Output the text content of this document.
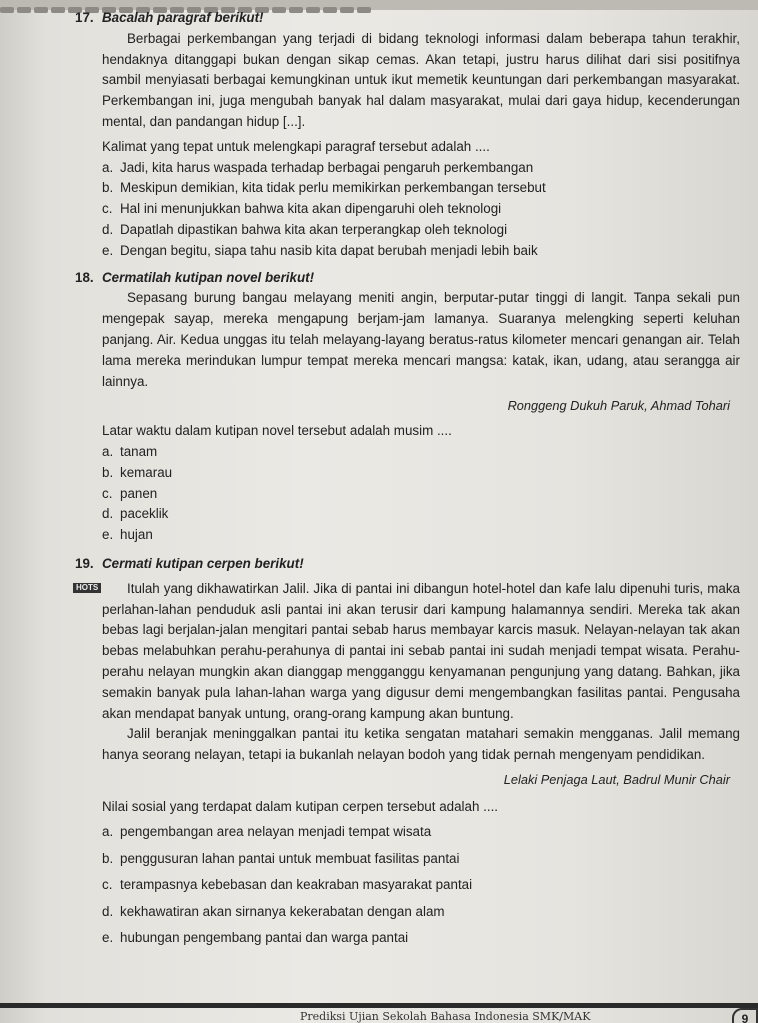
17. Bacalah paragraf berikut!

Berbagai perkembangan yang terjadi di bidang teknologi informasi dalam beberapa tahun terakhir, hendaknya ditanggapi bukan dengan sikap cemas. Akan tetapi, justru harus dilihat dari sisi positifnya sambil menyiasati berbagai kemungkinan untuk ikut memetik keuntungan dari perkembangan masyarakat. Perkembangan ini, juga mengubah banyak hal dalam masyarakat, mulai dari gaya hidup, kecenderungan mental, dan pandangan hidup [...].

Kalimat yang tepat untuk melengkapi paragraf tersebut adalah ....
a. Jadi, kita harus waspada terhadap berbagai pengaruh perkembangan
b. Meskipun demikian, kita tidak perlu memikirkan perkembangan tersebut
c. Hal ini menunjukkan bahwa kita akan dipengaruhi oleh teknologi
d. Dapatlah dipastikan bahwa kita akan terperangkap oleh teknologi
e. Dengan begitu, siapa tahu nasib kita dapat berubah menjadi lebih baik
18. Cermatilah kutipan novel berikut!

Sepasang burung bangau melayang meniti angin, berputar-putar tinggi di langit. Tanpa sekali pun mengepak sayap, mereka mengapung berjam-jam lamanya. Suaranya melengking seperti keluhan panjang. Air. Kedua unggas itu telah melayang-layang beratus-ratus kilometer mencari genangan air. Telah lama mereka merindukan lumpur tempat mereka mencari mangsa: katak, ikan, udang, atau serangga air lainnya.

Ronggeng Dukuh Paruk, Ahmad Tohari
Latar waktu dalam kutipan novel tersebut adalah musim ....
a. tanam
b. kemarau
c. panen
d. paceklik
e. hujan
19. Cermati kutipan cerpen berikut!
HOTS	Itulah yang dikhawatirkan Jalil. Jika di pantai ini dibangun hotel-hotel dan kafe lalu dipenuhi turis, maka perlahan-lahan penduduk asli pantai ini akan terusir dari kampung halamannya sendiri. Mereka tak akan bebas lagi berjalan-jalan mengitari pantai sebab harus membayar karcis masuk. Nelayan-nelayan tak akan bebas melabuhkan perahu-perahunya di pantai ini sebab pantai ini sudah menjadi tempat wisata. Perahu-perahu nelayan mungkin akan dianggap mengganggu kenyamanan pengunjung yang datang. Bahkan, jika semakin banyak pula lahan-lahan warga yang digusur demi mengembangkan fasilitas pantai. Pengusaha akan mendapat banyak untung, orang-orang kampung akan buntung.

Jalil beranjak meninggalkan pantai itu ketika sengatan matahari semakin mengganas. Jalil memang hanya seorang nelayan, tetapi ia bukanlah nelayan bodoh yang tidak pernah mengenyam pendidikan.

Lelaki Penjaga Laut, Badrul Munir Chair
Nilai sosial yang terdapat dalam kutipan cerpen tersebut adalah ....
a. pengembangan area nelayan menjadi tempat wisata
b. penggusuran lahan pantai untuk membuat fasilitas pantai
c. terampasnya kebebasan dan keakraban masyarakat pantai
d. kekhawatiran akan sirnanya kekerabatan dengan alam
e. hubungan pengembang pantai dan warga pantai
Prediksi Ujian Sekolah Bahasa Indonesia SMK/MAK	9
